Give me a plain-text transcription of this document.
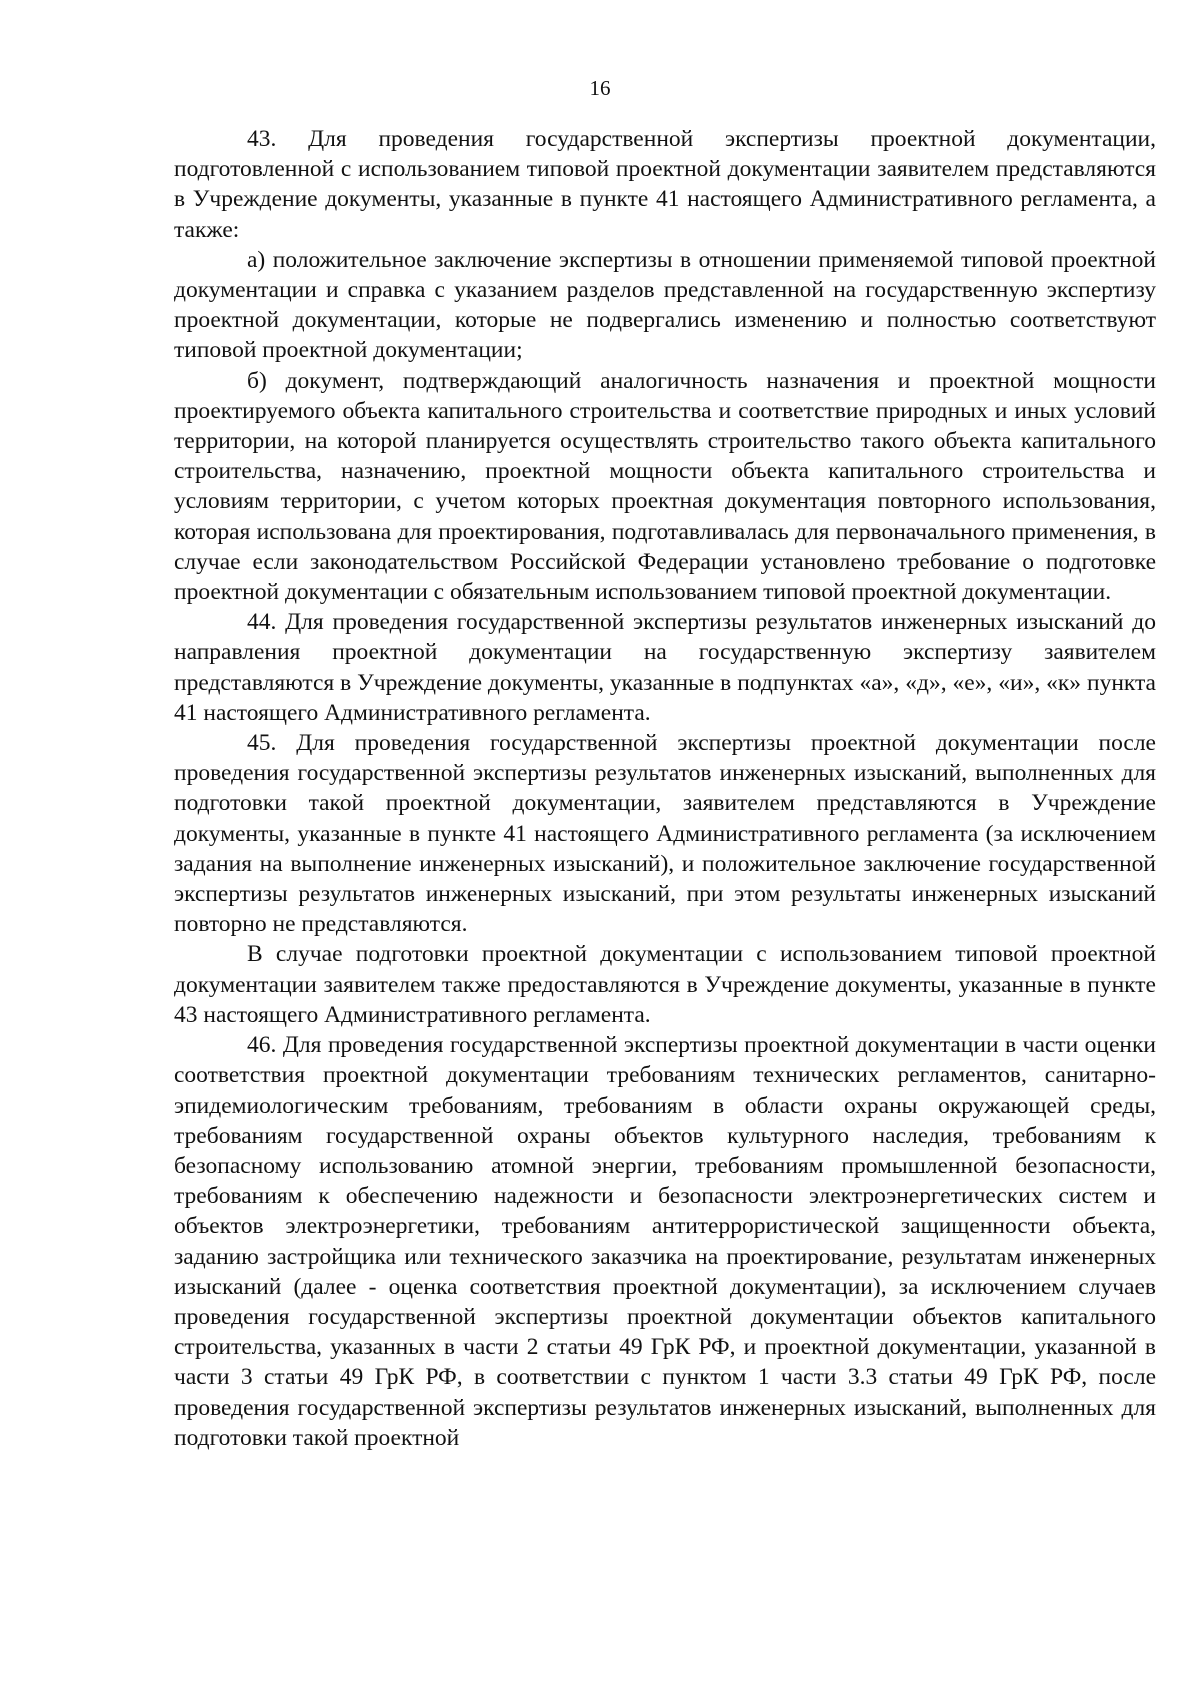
16

43. Для проведения государственной экспертизы проектной документации, подготовленной с использованием типовой проектной документации заявителем представляются в Учреждение документы, указанные в пункте 41 настоящего Административного регламента, а также:

а) положительное заключение экспертизы в отношении применяемой типовой проектной документации и справка с указанием разделов представленной на государственную экспертизу проектной документации, которые не подвергались изменению и полностью соответствуют типовой проектной документации;

б) документ, подтверждающий аналогичность назначения и проектной мощности проектируемого объекта капитального строительства и соответствие природных и иных условий территории, на которой планируется осуществлять строительство такого объекта капитального строительства, назначению, проектной мощности объекта капитального строительства и условиям территории, с учетом которых проектная документация повторного использования, которая использована для проектирования, подготавливалась для первоначального применения, в случае если законодательством Российской Федерации установлено требование о подготовке проектной документации с обязательным использованием типовой проектной документации.

44. Для проведения государственной экспертизы результатов инженерных изысканий до направления проектной документации на государственную экспертизу заявителем представляются в Учреждение документы, указанные в подпунктах «а», «д», «е», «и», «к» пункта 41 настоящего Административного регламента.

45. Для проведения государственной экспертизы проектной документации после проведения государственной экспертизы результатов инженерных изысканий, выполненных для подготовки такой проектной документации, заявителем представляются в Учреждение документы, указанные в пункте 41 настоящего Административного регламента (за исключением задания на выполнение инженерных изысканий), и положительное заключение государственной экспертизы результатов инженерных изысканий, при этом результаты инженерных изысканий повторно не представляются.

В случае подготовки проектной документации с использованием типовой проектной документации заявителем также предоставляются в Учреждение документы, указанные в пункте 43 настоящего Административного регламента.

46. Для проведения государственной экспертизы проектной документации в части оценки соответствия проектной документации требованиям технических регламентов, санитарно-эпидемиологическим требованиям, требованиям в области охраны окружающей среды, требованиям государственной охраны объектов культурного наследия, требованиям к безопасному использованию атомной энергии, требованиям промышленной безопасности, требованиям к обеспечению надежности и безопасности электроэнергетических систем и объектов электроэнергетики, требованиям антитеррористической защищенности объекта, заданию застройщика или технического заказчика на проектирование, результатам инженерных изысканий (далее - оценка соответствия проектной документации), за исключением случаев проведения государственной экспертизы проектной документации объектов капитального строительства, указанных в части 2 статьи 49 ГрК РФ, и проектной документации, указанной в части 3 статьи 49 ГрК РФ, в соответствии с пунктом 1 части 3.3 статьи 49 ГрК РФ, после проведения государственной экспертизы результатов инженерных изысканий, выполненных для подготовки такой проектной
